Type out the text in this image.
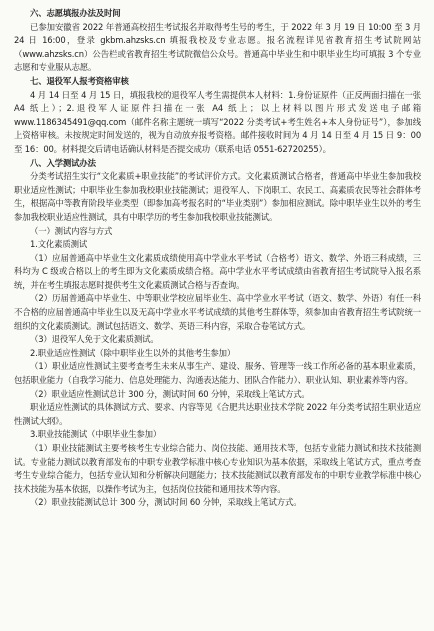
六、志愿填报办法及时间
已参加安徽省 2022 年普通高校招生考试报名并取得考生号的考生，于 2022 年 3 月 19 日 10:00 至 3 月 24 日 16:00，登录 gkbm.ahzsks.cn 填报我校及专业志愿。报名流程详见省教育招生考试院网站（www.ahzsks.cn）公告栏或省教育招生考试院微信公众号。普通高中毕业生和中职毕业生均可填报 3 个专业志愿和专业服从志愿。
七、退役军人报考资格审核
4 月 14 日至 4 月 15 日，填报我校的退役军人考生需提供本人材料：1.身份证原件（正反两面扫描在一张 A4 纸上）；2.退役军人证原件扫描在一张 A4 纸上；以上材料以图片形式发送电子邮箱 www.1186345491@qq.com（邮件名称主题统一填写“2022 分类考试+考生姓名+本人身份证号”），参加线上资格审核。未按规定时间发送的，视为自动放弃报考资格。邮件接收时间为 4 月 14 日至 4 月 15 日 9：00 至 16：00。材料提交后请电话确认材料是否提交成功（联系电话 0551-62720255）。
八、入学测试办法
分类考试招生实行“文化素质+职业技能”的考试评价方式。文化素质测试合格者，普通高中毕业生参加我校职业适应性测试；中职毕业生参加我校职业技能测试；退役军人、下岗职工、农民工、高素质农民等社会群体考生，根据高中等教育阶段毕业类型（即参加高考报名时的“毕业类别”）参加相应测试。除中职毕业生以外的考生参加我校职业适应性测试，具有中职学历的考生参加我校职业技能测试。
（一）测试内容与方式
1.文化素质测试
（1）应届普通高中毕业生文化素质成绩使用高中学业水平考试（合格考）语文、数学、外语三科成绩，三科均为 C 级或合格以上的考生即为文化素质成绩合格。高中学业水平考试成绩由省教育招生考试院导入报名系统，并在考生填报志愿时提供考生文化素质测试合格与否查询。
（2）历届普通高中毕业生、中等职业学校应届毕业生、高中学业水平考试（语文、数学、外语）有任一科不合格的应届普通高中毕业生以及无高中学业水平考试成绩的其他考生群体等，须参加由省教育招生考试院统一组织的文化素质测试。测试包括语文、数学、英语三科内容，采取合卷笔试方式。
（3）退役军人免于文化素质测试。
2.职业适应性测试（除中职毕业生以外的其他考生参加）
（1）职业适应性测试主要考查考生未来从事生产、建设、服务、管理等一线工作所必备的基本职业素质，包括职业能力（自我学习能力、信息处理能力、沟通表达能力、团队合作能力）、职业认知、职业素养等内容。
（2）职业适应性测试总计 300 分，测试时间 60 分钟，采取线上笔试方式。
职业适应性测试的具体测试方式、要求、内容等见《合肥共达职业技术学院 2022 年分类考试招生职业适应性测试大纲》。
3.职业技能测试（中职毕业生参加）
（1）职业技能测试主要考核考生专业综合能力、岗位技能、通用技术等，包括专业能力测试和技术技能测试。专业能力测试以教育部发布的中职专业教学标准中核心专业知识为基本依据，采取线上笔试方式，重点考查考生专业综合能力，包括专业认知和分析解决问题能力；技术技能测试以教育部发布的中职专业教学标准中核心技术技能为基本依据，以操作考试为主，包括岗位技能和通用技术等内容。
（2）职业技能测试总计 300 分，测试时间 60 分钟，采取线上笔试方式。
